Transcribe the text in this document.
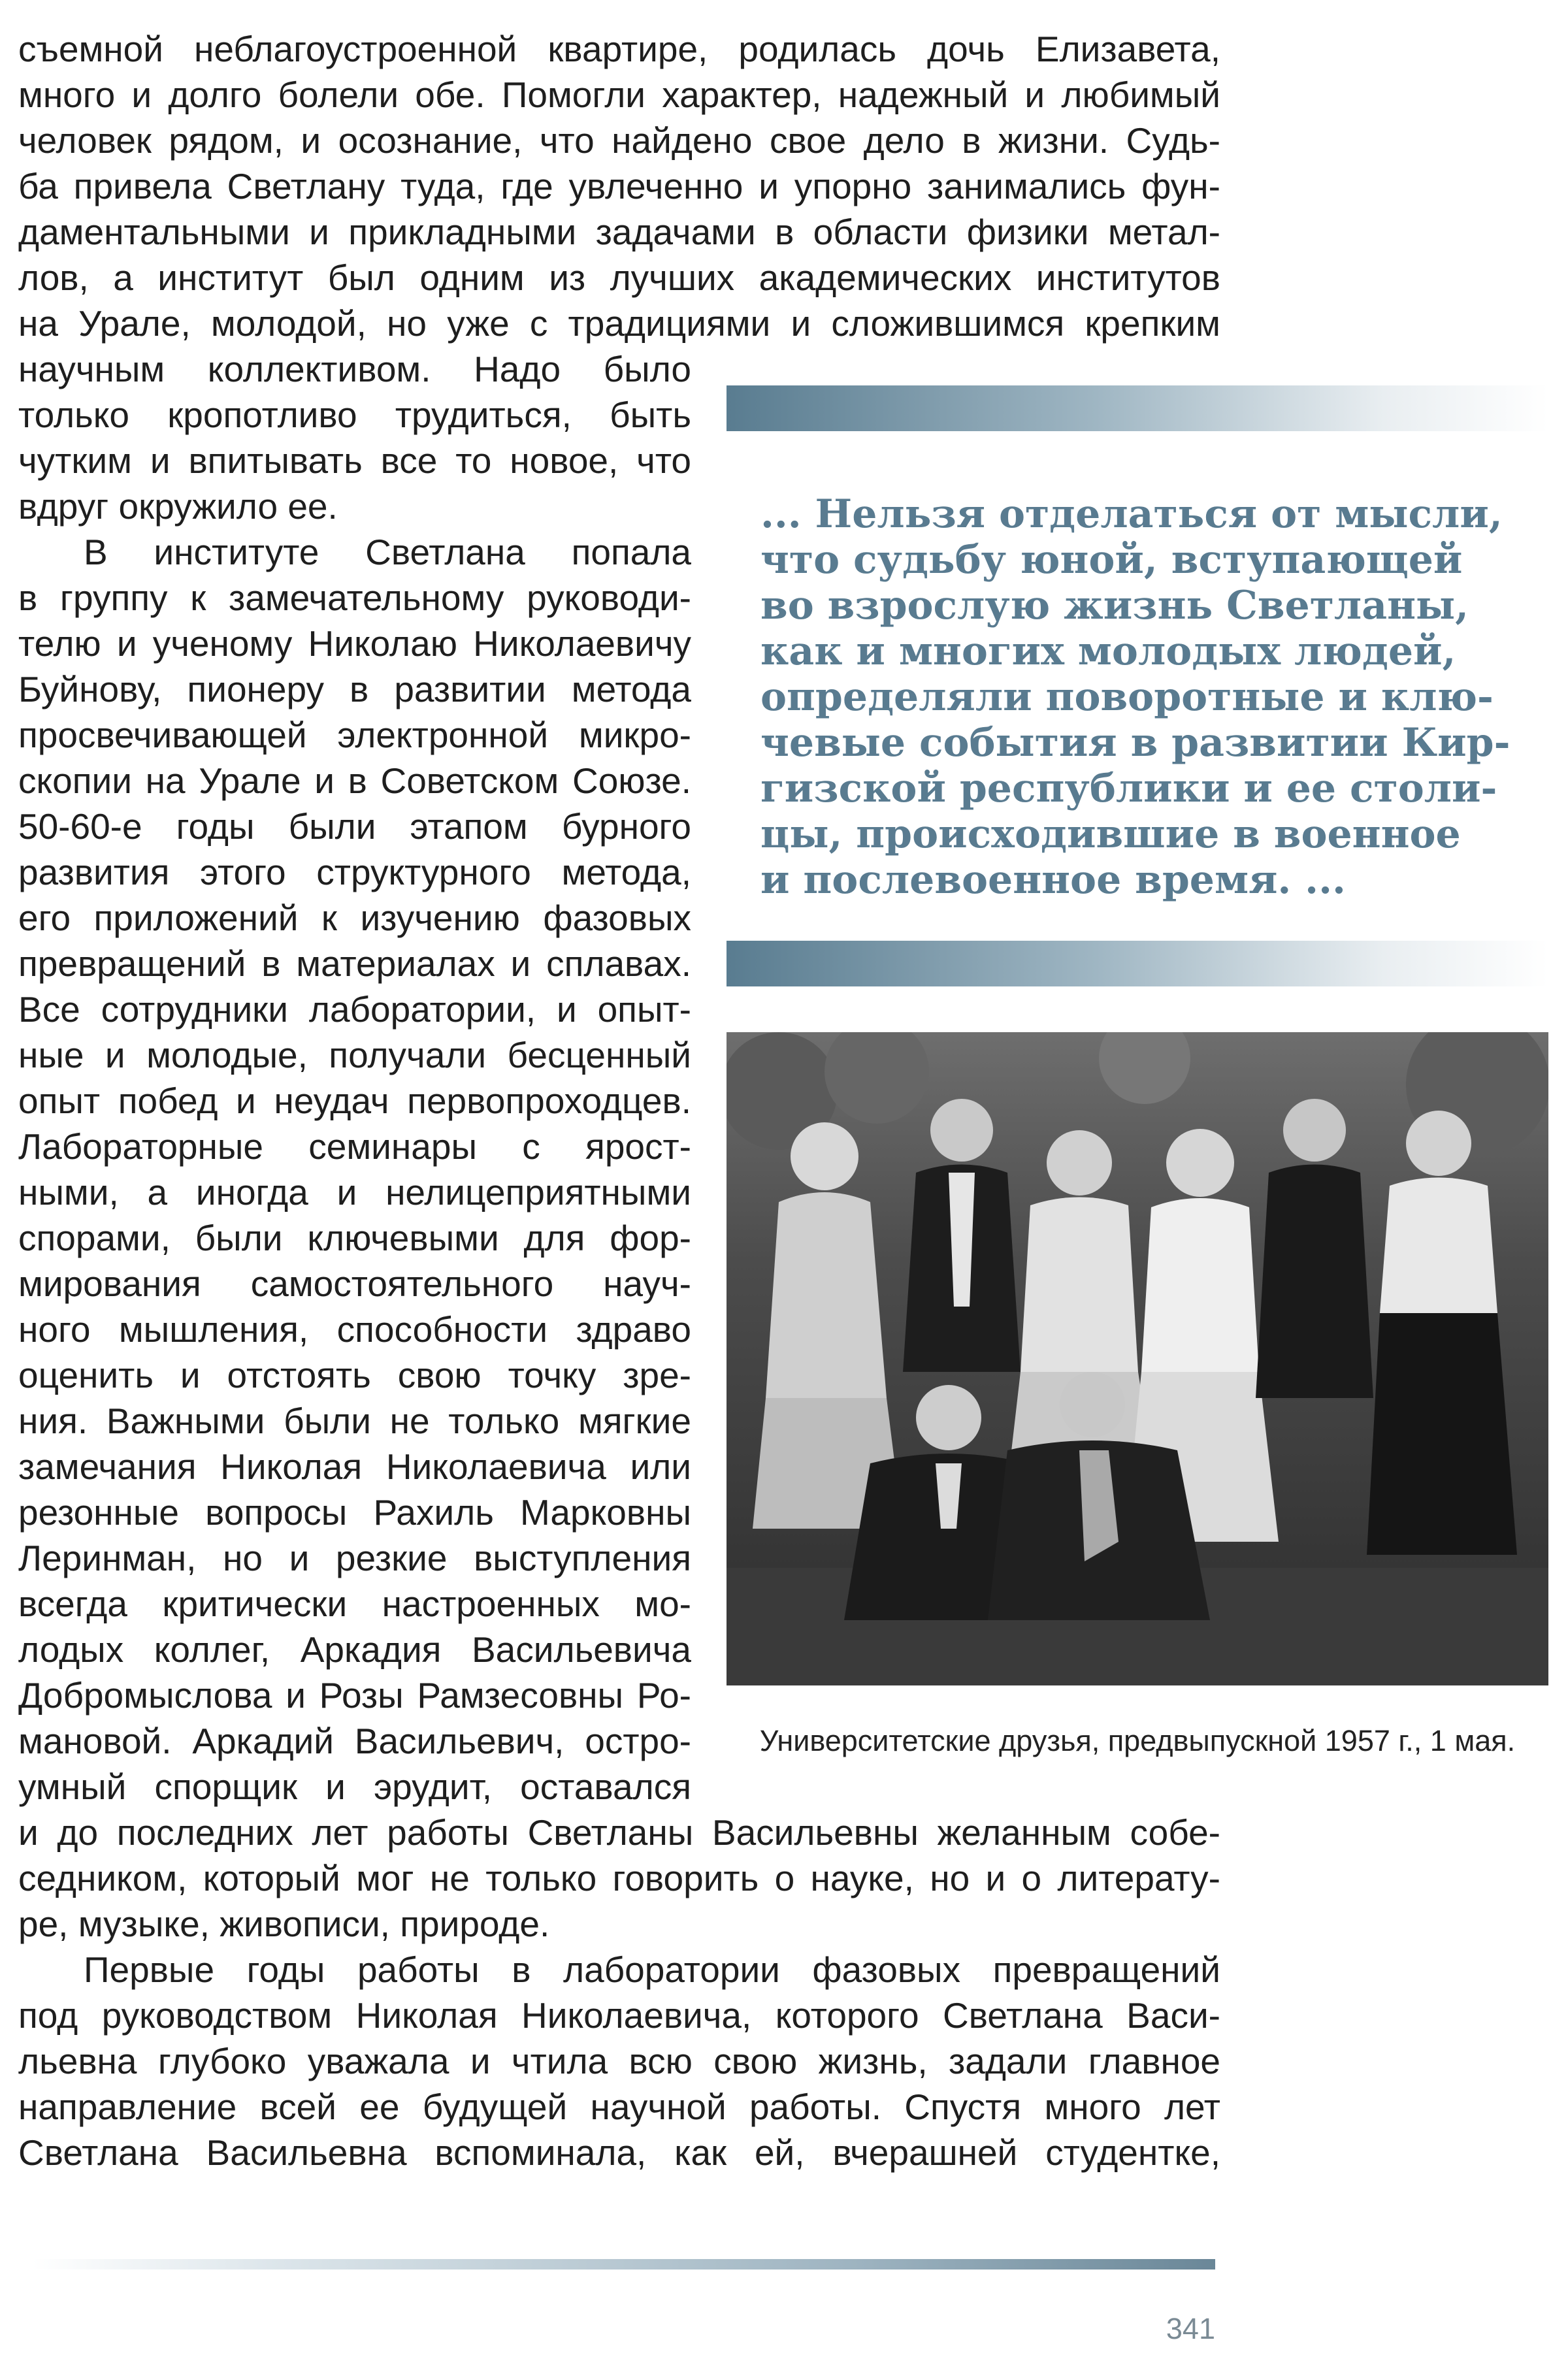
съемной неблагоустроенной квартире, родилась дочь Елизавета,
много и долго болели обе. Помогли характер, надежный и любимый
человек рядом, и осознание, что найдено свое дело в жизни. Судь-
ба привела Светлану туда, где увлеченно и упорно занимались фун-
даментальными и прикладными задачами в области физики метал-
лов, а институт был одним из лучших академических институтов
на Урале, молодой, но уже с традициями и сложившимся крепким
научным коллективом. Надо было
только кропотливо трудиться, быть
чутким и впитывать все то новое, что
вдруг окружило ее.
В институте Светлана попала
в группу к замечательному руководи-
телю и ученому Николаю Николаевичу
Буйнову, пионеру в развитии метода
просвечивающей электронной микро-
скопии на Урале и в Советском Союзе.
50-60-е годы были этапом бурного
развития этого структурного метода,
его приложений к изучению фазовых
превращений в материалах и сплавах.
Все сотрудники лаборатории, и опыт-
ные и молодые, получали бесценный
опыт побед и неудач первопроходцев.
Лабораторные семинары с ярост-
ными, а иногда и нелицеприятными
спорами, были ключевыми для фор-
мирования самостоятельного науч-
ного мышления, способности здраво
оценить и отстоять свою точку зре-
ния. Важными были не только мягкие
замечания Николая Николаевича или
резонные вопросы Рахиль Марковны
Леринман, но и резкие выступления
всегда критически настроенных мо-
лодых коллег, Аркадия Васильевича
Добромыслова и Розы Рамзесовны Ро-
мановой. Аркадий Васильевич, остро-
умный спорщик и эрудит, оставался
и до последних лет работы Светланы Васильевны желанным собе-
седником, который мог не только говорить о науке, но и о литерату-
ре, музыке, живописи, природе.
Первые годы работы в лаборатории фазовых превращений
под руководством Николая Николаевича, которого Светлана Васи-
льевна глубоко уважала и чтила всю свою жизнь, задали главное
направление всей ее будущей научной работы. Спустя много лет
Светлана Васильевна вспоминала, как ей, вчерашней студентке,
... Нельзя отделаться от мысли,
что судьбу юной, вступающей
во взрослую жизнь Светланы,
как и многих молодых людей,
определяли поворотные и клю-
чевые события в развитии Кир-
гизской республики и ее столи-
цы, происходившие в военное
и послевоенное время. ...
Университетские друзья, предвыпускной 1957 г., 1 мая.
341
